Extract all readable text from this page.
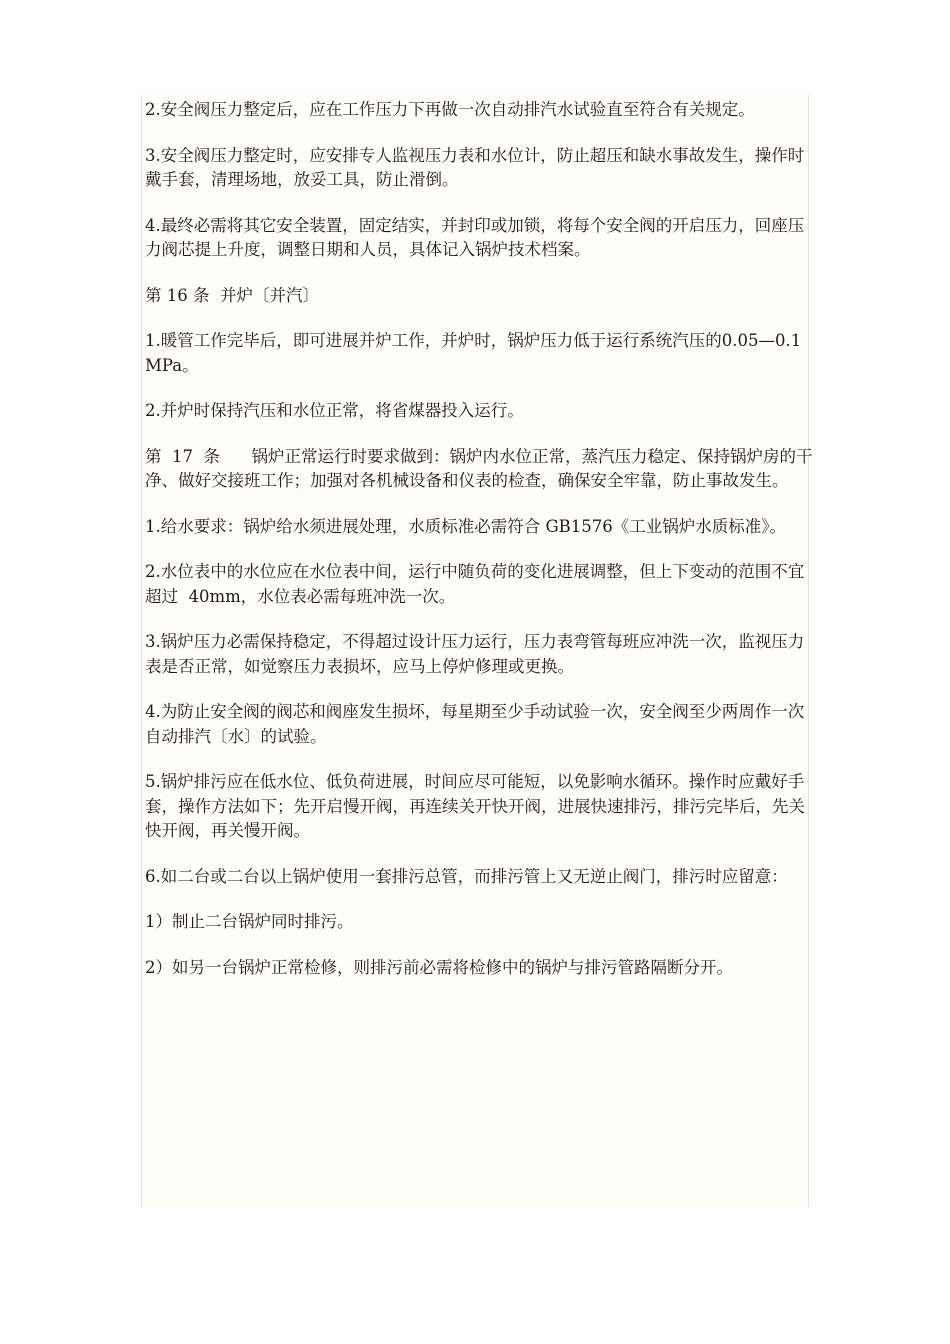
2.安全阀压力整定后，应在工作压力下再做一次自动排汽水试验直至符合有关规定。

3.安全阀压力整定时，应安排专人监视压力表和水位计，防止超压和缺水事故发生，操作时戴手套，清理场地，放妥工具，防止滑倒。

4.最终必需将其它安全装置，固定结实，并封印或加锁，将每个安全阀的开启压力，回座压力阀芯提上升度，调整日期和人员，具体记入锅炉技术档案。

第 16 条  并炉〔并汽〕

1.暖管工作完毕后，即可进展并炉工作，并炉时，锅炉压力低于运行系统汽压的0.05—0.1MPa。

2.并炉时保持汽压和水位正常，将省煤器投入运行。

第  17  条      锅炉正常运行时要求做到：锅炉内水位正常，蒸汽压力稳定、保持锅炉房的干净、做好交接班工作；加强对各机械设备和仪表的检查，确保安全牢靠，防止事故发生。

1.给水要求：锅炉给水须进展处理，水质标准必需符合 GB1576《工业锅炉水质标准》。

2.水位表中的水位应在水位表中间，运行中随负荷的变化进展调整，但上下变动的范围不宜超过  40mm，水位表必需每班冲洗一次。

3.锅炉压力必需保持稳定，不得超过设计压力运行，压力表弯管每班应冲洗一次，监视压力表是否正常，如觉察压力表损坏，应马上停炉修理或更换。

4.为防止安全阀的阀芯和阀座发生损坏，每星期至少手动试验一次，安全阀至少两周作一次自动排汽〔水〕的试验。

5.锅炉排污应在低水位、低负荷进展，时间应尽可能短，以免影响水循环。操作时应戴好手套，操作方法如下；先开启慢开阀，再连续关开快开阀，进展快速排污，排污完毕后，先关快开阀，再关慢开阀。

6.如二台或二台以上锅炉使用一套排污总管，而排污管上又无逆止阀门，排污时应留意：

1）制止二台锅炉同时排污。

2）如另一台锅炉正常检修，则排污前必需将检修中的锅炉与排污管路隔断分开。
